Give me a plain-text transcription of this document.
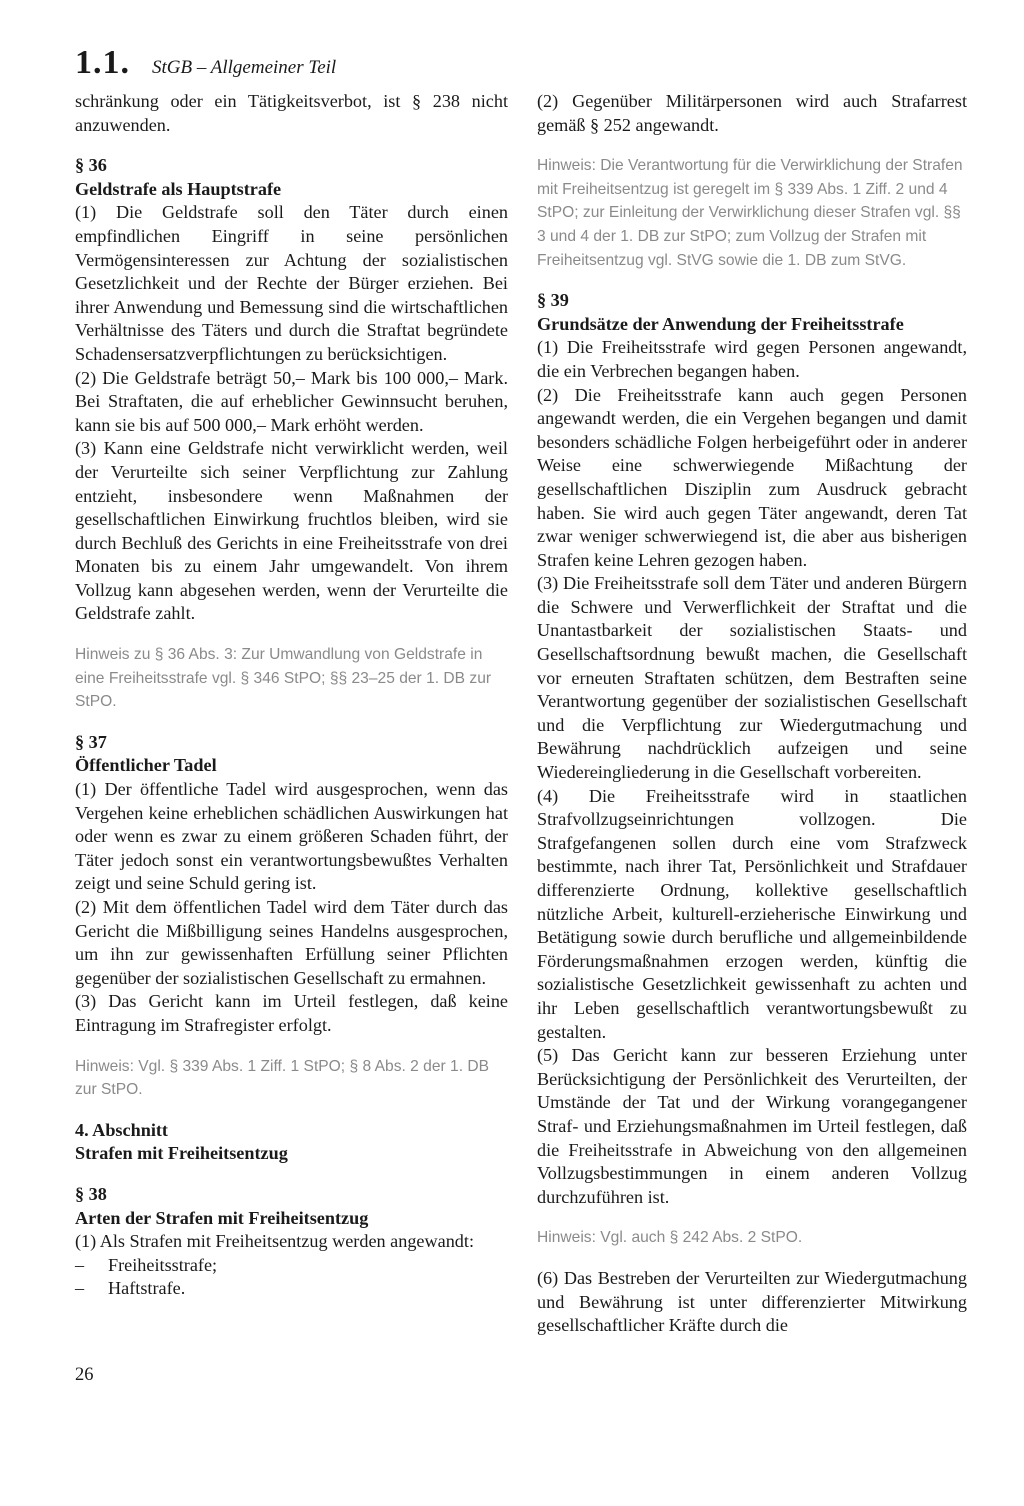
1.1. StGB – Allgemeiner Teil

schränkung oder ein Tätigkeitsverbot, ist § 238 nicht anzuwenden.

§ 36
Geldstrafe als Hauptstrafe

(1) Die Geldstrafe soll den Täter durch einen empfindlichen Eingriff in seine persönlichen Vermögensinteressen zur Achtung der sozialistischen Gesetzlichkeit und der Rechte der Bürger erziehen. Bei ihrer Anwendung und Bemessung sind die wirtschaftlichen Verhältnisse des Täters und durch die Straftat begründete Schadensersatzverpflichtungen zu berücksichtigen.

(2) Die Geldstrafe beträgt 50,– Mark bis 100 000,– Mark. Bei Straftaten, die auf erheblicher Gewinnsucht beruhen, kann sie bis auf 500 000,– Mark erhöht werden.

(3) Kann eine Geldstrafe nicht verwirklicht werden, weil der Verurteilte sich seiner Verpflichtung zur Zahlung entzieht, insbesondere wenn Maßnahmen der gesellschaftlichen Einwirkung fruchtlos bleiben, wird sie durch Bechluß des Gerichts in eine Freiheitsstrafe von drei Monaten bis zu einem Jahr umgewandelt. Von ihrem Vollzug kann abgesehen werden, wenn der Verurteilte die Geldstrafe zahlt.

Hinweis zu § 36 Abs. 3: Zur Umwandlung von Geldstrafe in eine Freiheitsstrafe vgl. § 346 StPO; §§ 23–25 der 1. DB zur StPO.

§ 37
Öffentlicher Tadel

(1) Der öffentliche Tadel wird ausgesprochen, wenn das Vergehen keine erheblichen schädlichen Auswirkungen hat oder wenn es zwar zu einem größeren Schaden führt, der Täter jedoch sonst ein verantwortungsbewußtes Verhalten zeigt und seine Schuld gering ist.

(2) Mit dem öffentlichen Tadel wird dem Täter durch das Gericht die Mißbilligung seines Handelns ausgesprochen, um ihn zur gewissenhaften Erfüllung seiner Pflichten gegenüber der sozialistischen Gesellschaft zu ermahnen.

(3) Das Gericht kann im Urteil festlegen, daß keine Eintragung im Strafregister erfolgt.

Hinweis: Vgl. § 339 Abs. 1 Ziff. 1 StPO; § 8 Abs. 2 der 1. DB zur StPO.

4. Abschnitt
Strafen mit Freiheitsentzug
§ 38
Arten der Strafen mit Freiheitsentzug

(1) Als Strafen mit Freiheitsentzug werden angewandt:

–	Freiheitsstrafe;
–	Haftstrafe.

(2) Gegenüber Militärpersonen wird auch Strafarrest gemäß § 252 angewandt.

Hinweis: Die Verantwortung für die Verwirklichung der Strafen mit Freiheitsentzug ist geregelt im § 339 Abs. 1 Ziff. 2 und 4 StPO; zur Einleitung der Verwirklichung dieser Strafen vgl. §§ 3 und 4 der 1. DB zur StPO; zum Vollzug der Strafen mit Freiheitsentzug vgl. StVG sowie die 1. DB zum StVG.

§ 39
Grundsätze der Anwendung der Freiheitsstrafe

(1) Die Freiheitsstrafe wird gegen Personen angewandt, die ein Verbrechen begangen haben.

(2) Die Freiheitsstrafe kann auch gegen Personen angewandt werden, die ein Vergehen begangen und damit besonders schädliche Folgen herbeigeführt oder in anderer Weise eine schwerwiegende Mißachtung der gesellschaftlichen Disziplin zum Ausdruck gebracht haben. Sie wird auch gegen Täter angewandt, deren Tat zwar weniger schwerwiegend ist, die aber aus bisherigen Strafen keine Lehren gezogen haben.

(3) Die Freiheitsstrafe soll dem Täter und anderen Bürgern die Schwere und Verwerflichkeit der Straftat und die Unantastbarkeit der sozialistischen Staats- und Gesellschaftsordnung bewußt machen, die Gesellschaft vor erneuten Straftaten schützen, dem Bestraften seine Verantwortung gegenüber der sozialistischen Gesellschaft und die Verpflichtung zur Wiedergutmachung und Bewährung nachdrücklich aufzeigen und seine Wiedereingliederung in die Gesellschaft vorbereiten.

(4) Die Freiheitsstrafe wird in staatlichen Strafvollzugseinrichtungen vollzogen. Die Strafgefangenen sollen durch eine vom Strafzweck bestimmte, nach ihrer Tat, Persönlichkeit und Strafdauer differenzierte Ordnung, kollektive gesellschaftlich nützliche Arbeit, kulturell-erzieherische Einwirkung und Betätigung sowie durch berufliche und allgemeinbildende Förderungsmaßnahmen erzogen werden, künftig die sozialistische Gesetzlichkeit gewissenhaft zu achten und ihr Leben gesellschaftlich verantwortungsbewußt zu gestalten.

(5) Das Gericht kann zur besseren Erziehung unter Berücksichtigung der Persönlichkeit des Verurteilten, der Umstände der Tat und der Wirkung vorangegangener Straf- und Erziehungsmaßnahmen im Urteil festlegen, daß die Freiheitsstrafe in Abweichung von den allgemeinen Vollzugsbestimmungen in einem anderen Vollzug durchzuführen ist.

Hinweis: Vgl. auch § 242 Abs. 2 StPO.

(6) Das Bestreben der Verurteilten zur Wiedergutmachung und Bewährung ist unter differenzierter Mitwirkung gesellschaftlicher Kräfte durch die

26
